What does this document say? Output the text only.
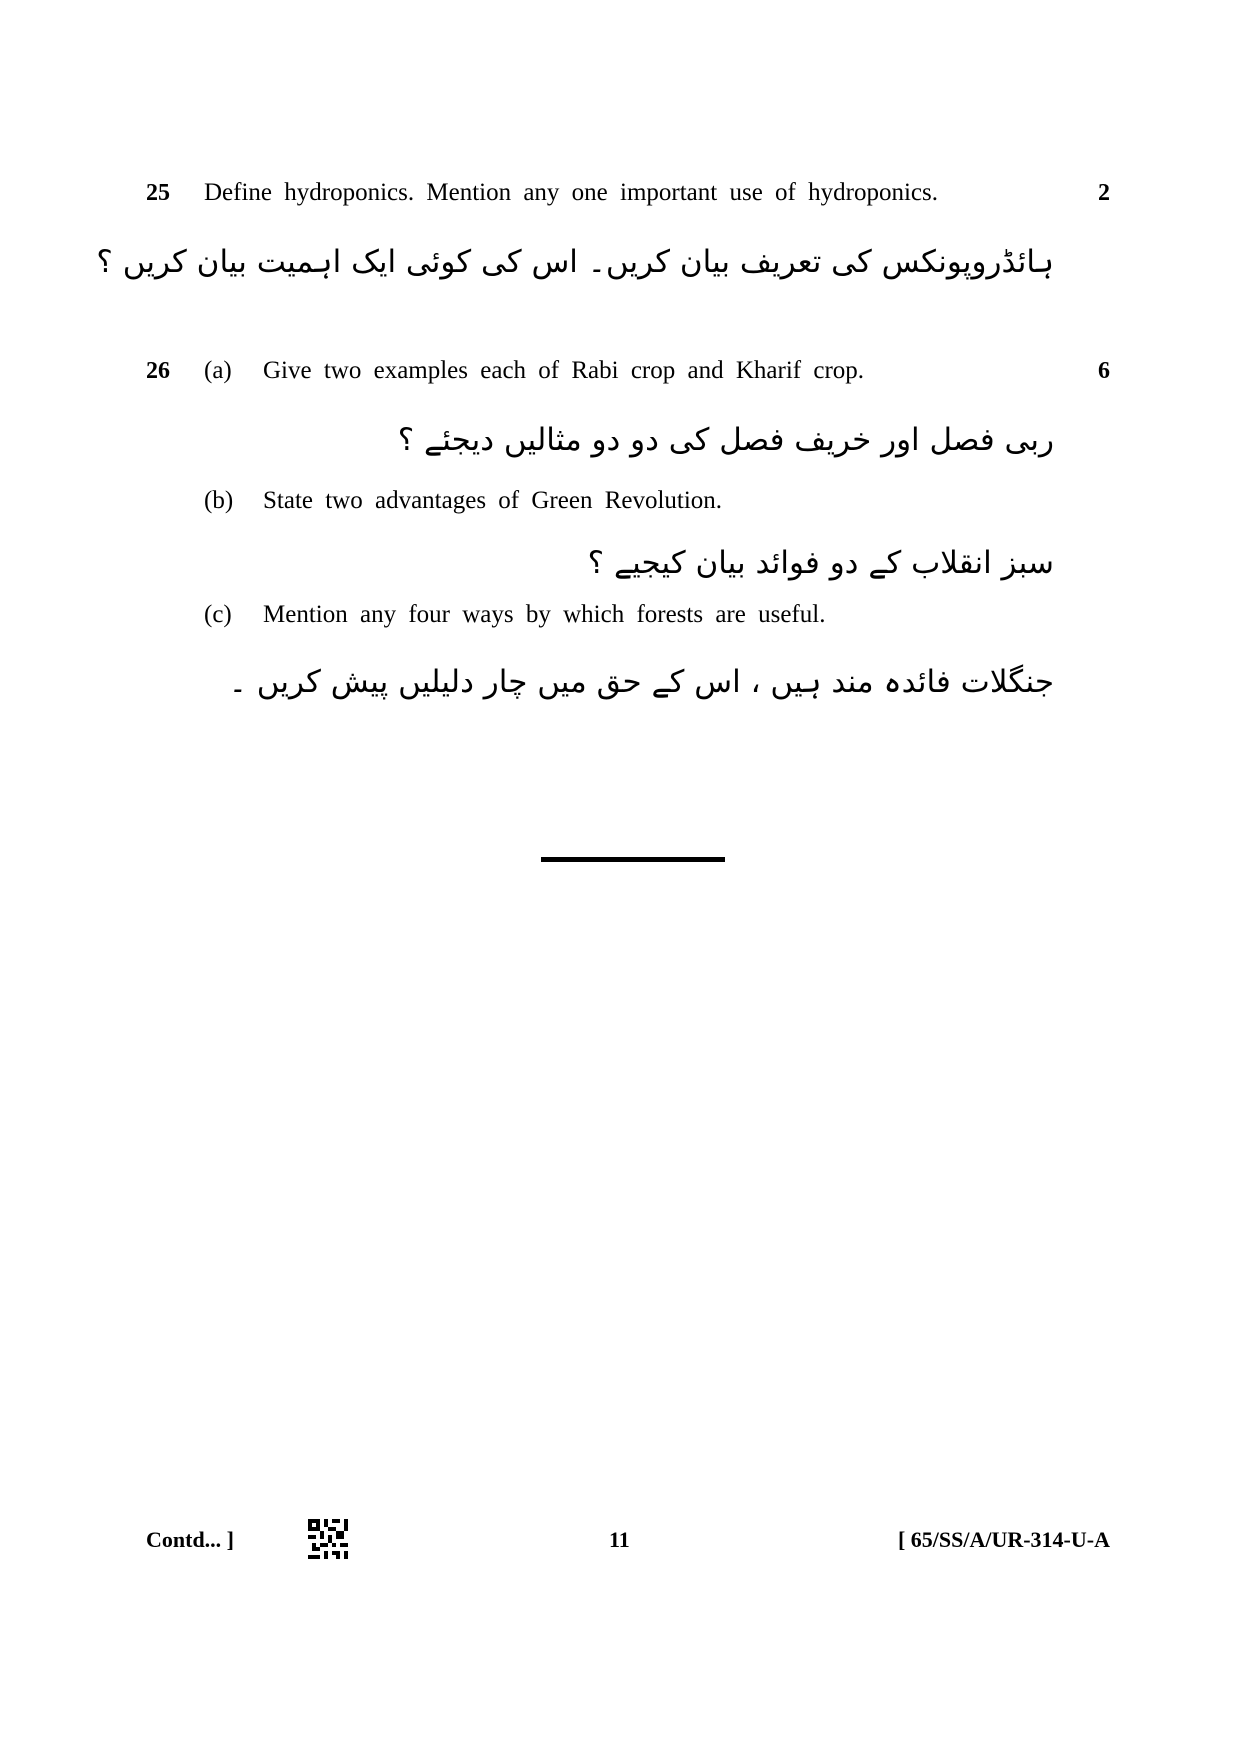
25 Define hydroponics. Mention any one important use of hydroponics.	2
ہائڈروپونکس کی تعریف بیان کریں۔ اس کی کوئی ایک اہمیت بیان کریں ؟
26	6
(a) Give two examples each of Rabi crop and Kharif crop.
ربی فصل اور خریف فصل کی دو دو مثالیں دیجئے ؟
(b) State two advantages of Green Revolution.
سبز انقلاب کے دو فوائد بیان کیجیے ؟
(c) Mention any four ways by which forests are useful.
جنگلات فائدہ مند ہیں ، اس کے حق میں چار دلیلیں پیش کریں ۔
Contd... ]	11	[ 65/SS/A/UR-314-U-A
